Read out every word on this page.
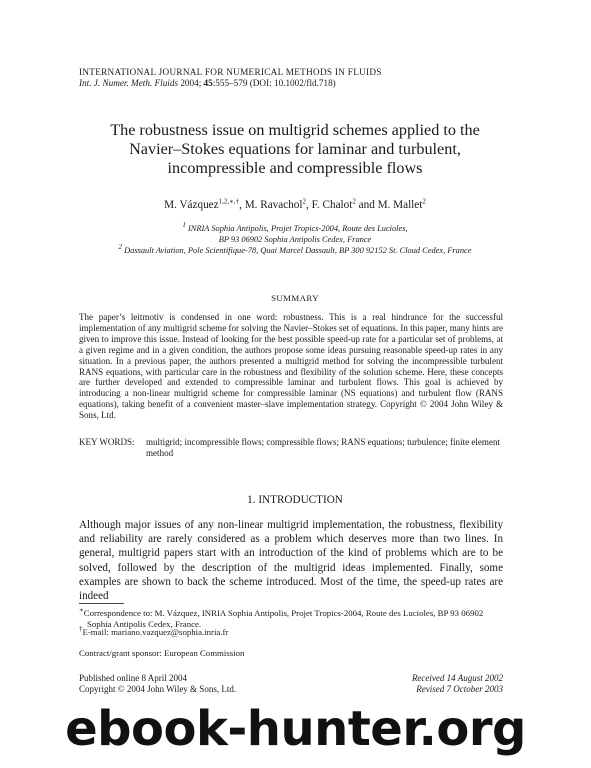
INTERNATIONAL JOURNAL FOR NUMERICAL METHODS IN FLUIDS
Int. J. Numer. Meth. Fluids 2004; 45:555–579 (DOI: 10.1002/fld.718)
The robustness issue on multigrid schemes applied to the
Navier–Stokes equations for laminar and turbulent,
incompressible and compressible flows
M. Vázquez$^{1,2,∗,\dagger}$, M. Ravachol$^2$, F. Chalot$^2$ and M. Mallet$^2$
$^1$ INRIA Sophia Antipolis, Projet Tropics-2004, Route des Lucioles,
BP 93 06902 Sophia Antipolis Cedex, France
$^2$ Dassault Aviation, Pole Scientifique-78, Quai Marcel Dassault, BP 300 92152 St. Cloud Cedex, France
SUMMARY
The paper’s leitmotiv is condensed in one word: robustness. This is a real hindrance for the successful implementation of any multigrid scheme for solving the Navier–Stokes set of equations. In this paper, many hints are given to improve this issue. Instead of looking for the best possible speed-up rate for a particular set of problems, at a given regime and in a given condition, the authors propose some ideas pursuing reasonable speed-up rates in any situation. In a previous paper, the authors presented a multigrid method for solving the incompressible turbulent RANS equations, with particular care in the robustness and flexibility of the solution scheme. Here, these concepts are further developed and extended to compressible laminar and turbulent flows. This goal is achieved by introducing a non-linear multigrid scheme for compressible laminar (NS equations) and turbulent flow (RANS equations), taking benefit of a convenient master–slave implementation strategy. Copyright © 2004 John Wiley & Sons, Ltd.
KEY WORDS:	multigrid; incompressible flows; compressible flows; RANS equations; turbulence; finite element method
1. INTRODUCTION
Although major issues of any non-linear multigrid implementation, the robustness, flexibility and reliability are rarely considered as a problem which deserves more than two lines. In general, multigrid papers start with an introduction of the kind of problems which are to be solved, followed by the description of the multigrid ideas implemented. Finally, some examples are shown to back the scheme introduced. Most of the time, the speed-up rates are indeed
∗Correspondence to: M. Vázquez, INRIA Sophia Antipolis, Projet Tropics-2004, Route des Lucioles, BP 93 06902
Sophia Antipolis Cedex, France.
†E-mail: mariano.vazquez@sophia.inria.fr
Contract/grant sponsor: European Commission
Published online 8 April 2004
Copyright © 2004 John Wiley & Sons, Ltd.
Received 14 August 2002
Revised 7 October 2003
ebook-hunter.org
